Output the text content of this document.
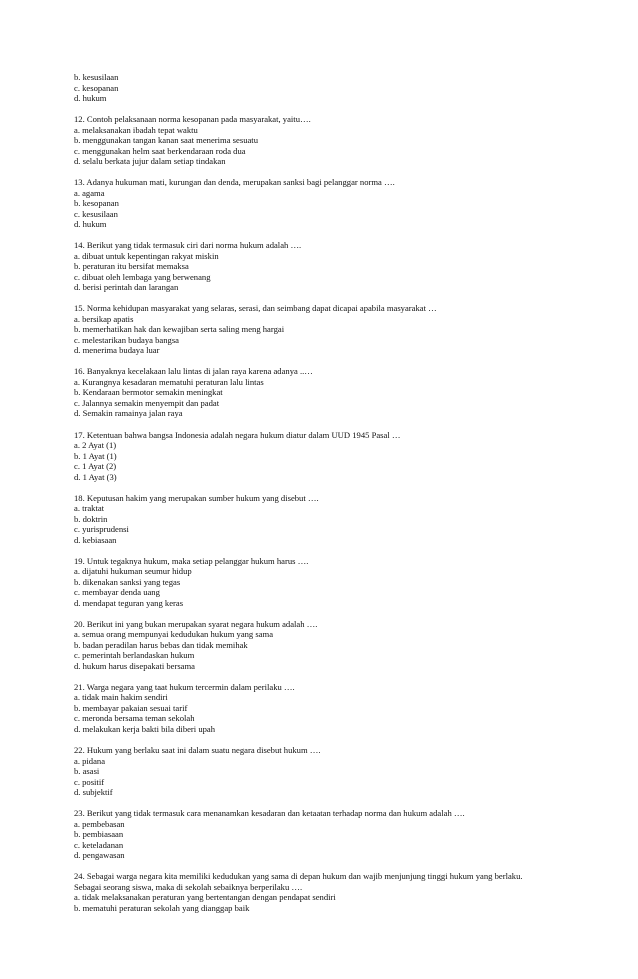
b. kesusilaan
c. kesopanan
d. hukum
12. Contoh pelaksanaan norma kesopanan pada masyarakat, yaitu….
a. melaksanakan ibadah tepat waktu
b. menggunakan tangan kanan saat menerima sesuatu
c. menggunakan helm saat berkendaraan roda dua
d. selalu berkata jujur dalam setiap tindakan
13. Adanya hukuman mati, kurungan dan denda, merupakan sanksi bagi pelanggar norma ….
a. agama
b. kesopanan
c. kesusilaan
d. hukum
14. Berikut yang tidak termasuk ciri dari norma hukum adalah ….
a. dibuat untuk kepentingan rakyat miskin
b. peraturan itu bersifat memaksa
c. dibuat oleh lembaga yang berwenang
d. berisi perintah dan larangan
15. Norma kehidupan masyarakat yang selaras, serasi, dan seimbang dapat dicapai apabila masyarakat …
a. bersikap apatis
b. memerhatikan hak dan kewajiban serta saling meng hargai
c. melestarikan budaya bangsa
d. menerima budaya luar
16. Banyaknya kecelakaan lalu lintas di jalan raya karena adanya ..…
a. Kurangnya kesadaran mematuhi peraturan lalu lintas
b. Kendaraan bermotor semakin meningkat
c. Jalannya semakin menyempit dan padat
d. Semakin ramainya jalan raya
17. Ketentuan bahwa bangsa Indonesia adalah negara hukum diatur dalam UUD 1945 Pasal …
a. 2 Ayat (1)
b. 1 Ayat (1)
c. 1 Ayat (2)
d. 1 Ayat (3)
18. Keputusan hakim yang merupakan sumber hukum yang disebut ….
a. traktat
b. doktrin
c. yurisprudensi
d. kebiasaan
19. Untuk tegaknya hukum, maka setiap pelanggar hukum harus ….
a. dijatuhi hukuman seumur hidup
b. dikenakan sanksi yang tegas
c. membayar denda uang
d. mendapat teguran yang keras
20. Berikut ini yang bukan merupakan syarat negara hukum adalah ….
a. semua orang mempunyai kedudukan hukum yang sama
b. badan peradilan harus bebas dan tidak memihak
c. pemerintah berlandaskan hukum
d. hukum harus disepakati bersama
21. Warga negara yang taat hukum tercermin dalam perilaku ….
a. tidak main hakim sendiri
b. membayar pakaian sesuai tarif
c. meronda bersama teman sekolah
d. melakukan kerja bakti bila diberi upah
22. Hukum yang berlaku saat ini dalam suatu negara disebut hukum ….
a. pidana
b. asasi
c. positif
d. subjektif
23. Berikut yang tidak termasuk cara menanamkan kesadaran dan ketaatan terhadap norma dan hukum adalah ….
a. pembebasan
b. pembiasaan
c. keteladanan
d. pengawasan
24. Sebagai warga negara kita memiliki kedudukan yang sama di depan hukum dan wajib menjunjung tinggi hukum yang berlaku.
Sebagai seorang siswa, maka di sekolah sebaiknya berperilaku ….
a. tidak melaksanakan peraturan yang bertentangan dengan pendapat sendiri
b. mematuhi peraturan sekolah yang dianggap baik
